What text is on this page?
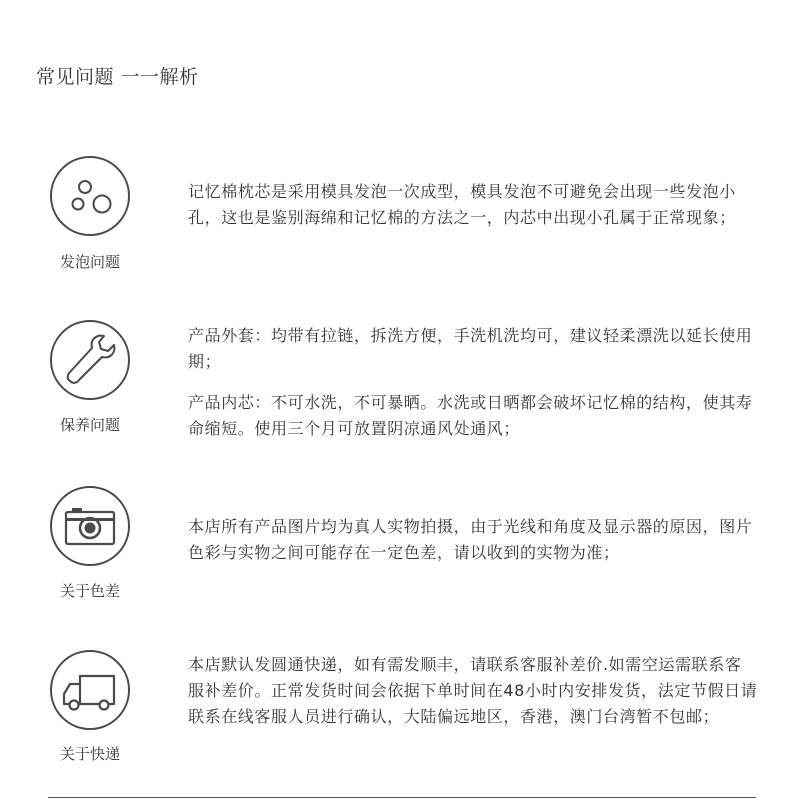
常见问题 一一解析
发泡问题

记忆棉枕芯是采用模具发泡一次成型，模具发泡不可避免会出现一些发泡小孔，这也是鉴别海绵和记忆棉的方法之一，内芯中出现小孔属于正常现象；

保养问题

产品外套：均带有拉链，拆洗方便，手洗机洗均可，建议轻柔漂洗以延长使用期；

产品内芯：不可水洗，不可暴晒。水洗或日晒都会破坏记忆棉的结构，使其寿命缩短。使用三个月可放置阴凉通风处通风；

关于色差

本店所有产品图片均为真人实物拍摄，由于光线和角度及显示器的原因，图片色彩与实物之间可能存在一定色差，请以收到的实物为准；

关于快递

本店默认发圆通快递，如有需发顺丰，请联系客服补差价.如需空运需联系客服补差价。正常发货时间会依据下单时间在48小时内安排发货，法定节假日请联系在线客服人员进行确认，大陆偏远地区，香港，澳门台湾暂不包邮；
